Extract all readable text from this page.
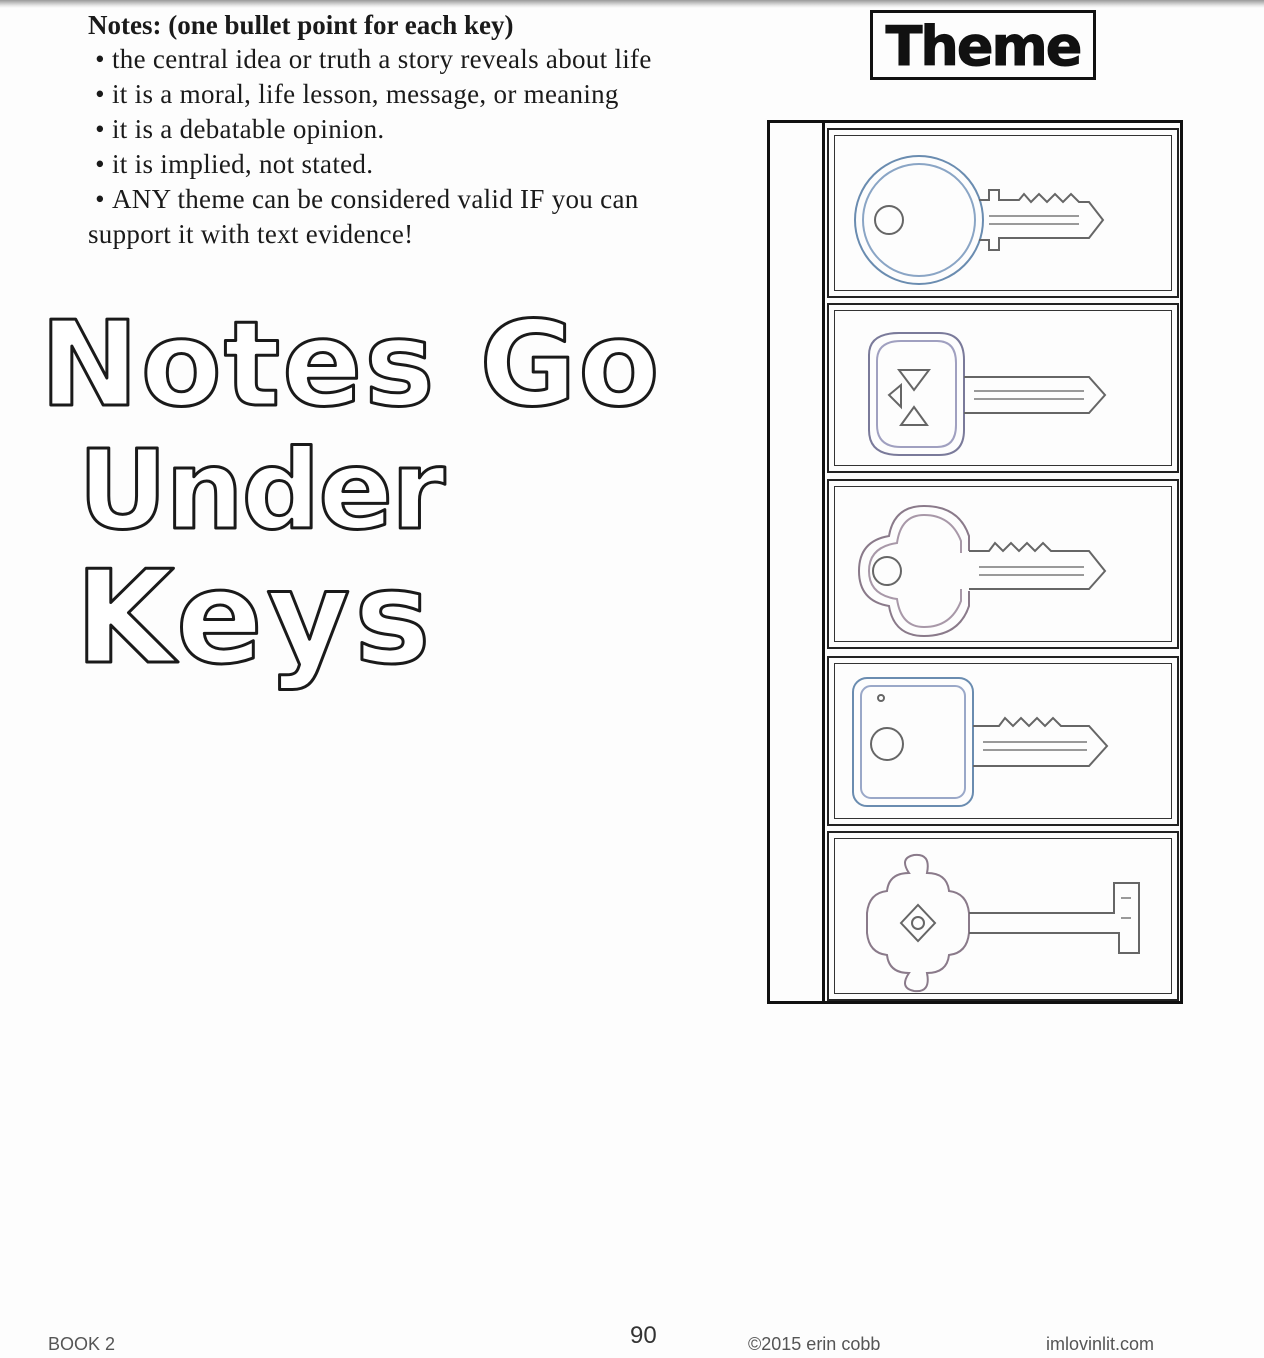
Notes: (one bullet point for each key)

• the central idea or truth a story reveals about life
• it is a moral, life lesson, message, or meaning
• it is a debatable opinion.
• it is implied, not stated.
• ANY theme can be considered valid IF you can support it with text evidence!
Notes Go
Under
Keys
Theme
BOOK 2	90	©2015 erin cobb	imlovinlit.com
